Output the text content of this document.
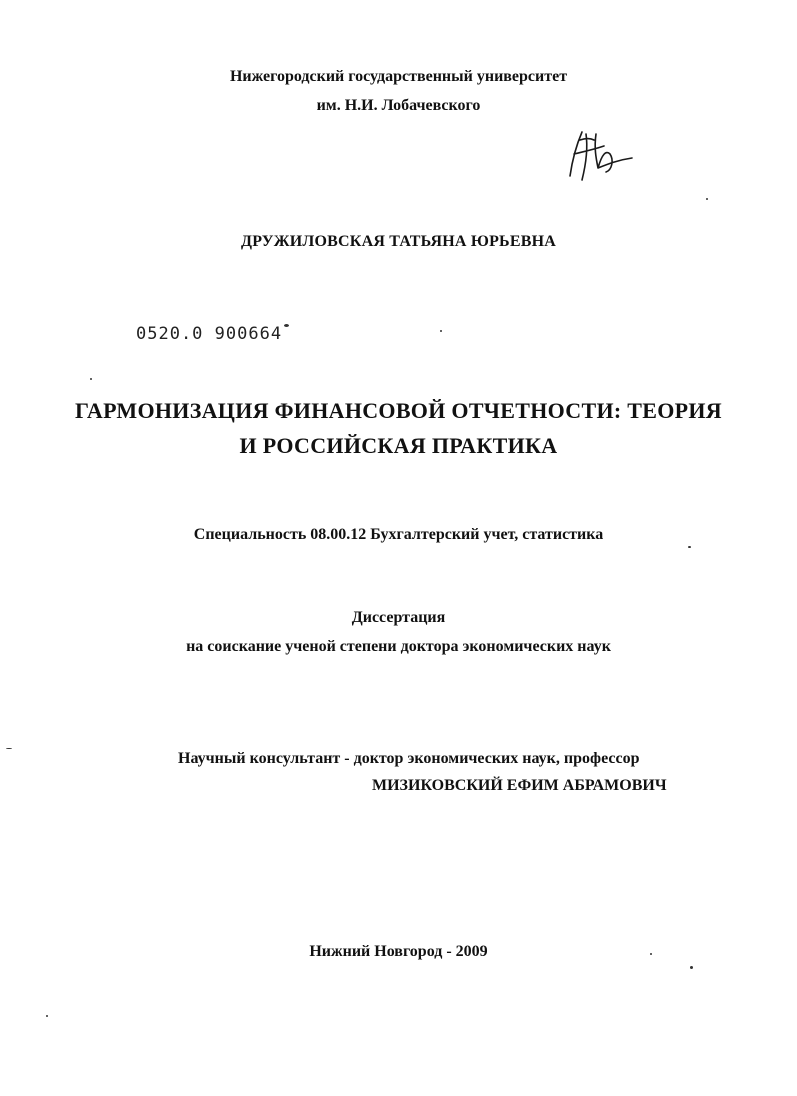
Нижегородский государственный университет
им. Н.И. Лобачевского
ДРУЖИЛОВСКАЯ ТАТЬЯНА ЮРЬЕВНА
0520.0 900664
ГАРМОНИЗАЦИЯ ФИНАНСОВОЙ ОТЧЕТНОСТИ: ТЕОРИЯ
И РОССИЙСКАЯ ПРАКТИКА
Специальность 08.00.12 Бухгалтерский учет, статистика
Диссертация
на соискание ученой степени доктора экономических наук
Научный консультант - доктор экономических наук, профессор
МИЗИКОВСКИЙ ЕФИМ АБРАМОВИЧ
Нижний Новгород - 2009
